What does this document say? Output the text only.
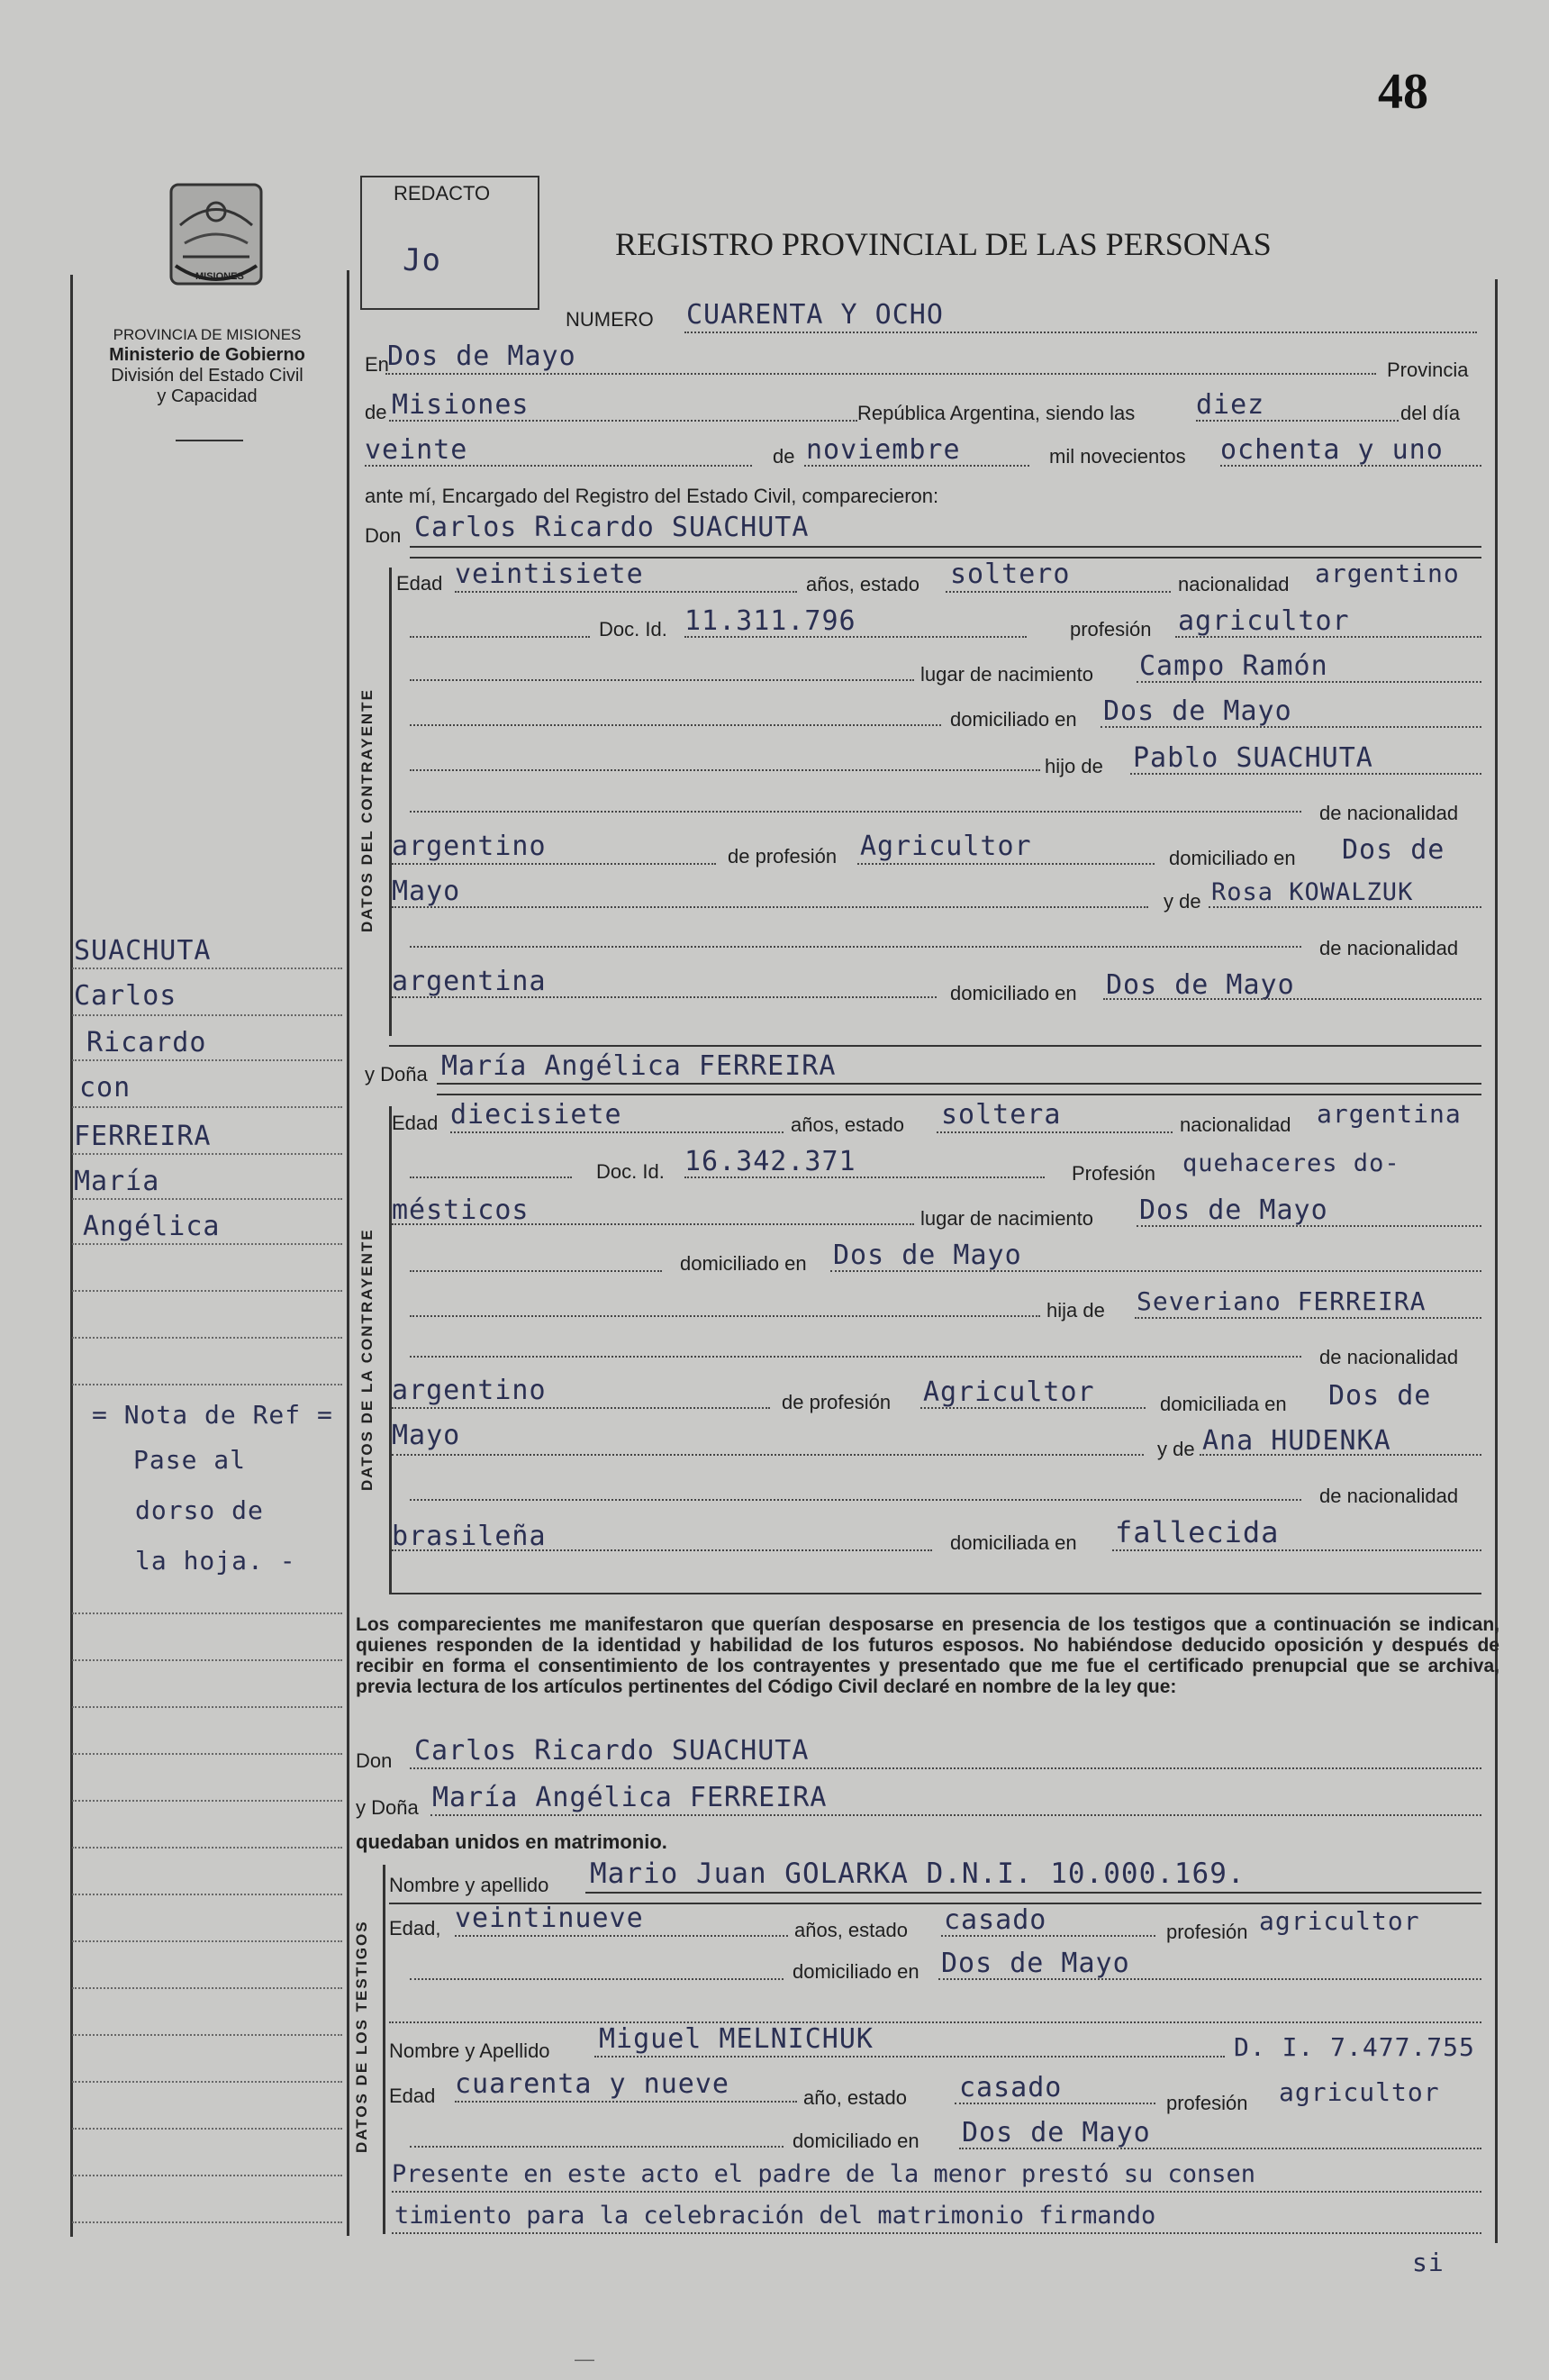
48
MISIONES
PROVINCIA DE MISIONES
Ministerio de Gobierno
División del Estado Civil
y Capacidad
REDACTO
Jo	REGISTRO PROVINCIAL DE LAS PERSONAS
NUMERO CUARENTA Y OCHO
En
Dos de Mayo	Provincia
de Misiones	República Argentina, siendo las diez	del día
veinte	de noviembre	mil novecientos ochenta y uno
ante mí, Encargado del Registro del Estado Civil, comparecieron:
Don Carlos Ricardo SUACHUTA
DATOS DEL CONTRAYENTE
Edad veintisiete	años, estado soltero	nacionalidad argentino
Doc. Id. 11.311.796	profesión agricultor
lugar de nacimiento Campo Ramón
domiciliado en Dos de Mayo
hijo de Pablo SUACHUTA
de nacionalidad
argentino	de profesión Agricultor	domiciliado en Dos de
Mayo	y de Rosa KOWALZUK
de nacionalidad
argentina	domiciliado en Dos de Mayo
y Doña María Angélica FERREIRA
DATOS DE LA CONTRAYENTE
Edad diecisiete	años, estado soltera	nacionalidad argentina
Doc. Id. 16.342.371	Profesión quehaceres do-
mésticos	lugar de nacimiento Dos de Mayo
domiciliado en Dos de Mayo
hija de Severiano FERREIRA
de nacionalidad
argentino	de profesión Agricultor	domiciliada en Dos de
Mayo	y de Ana HUDENKA
de nacionalidad
brasileña	domiciliada en fallecida
Los comparecientes me manifestaron que querían desposarse en presencia de los testigos que a continuación se indican, quienes responden de la identidad y habilidad de los futuros esposos. No habiéndose deducido oposición y después de recibir en forma el consentimiento de los contrayentes y presentado que me fue el certificado prenupcial que se archiva, previa lectura de los artículos pertinentes del Código Civil declaré en nombre de la ley que:
Don Carlos Ricardo SUACHUTA
y Doña María Angélica FERREIRA
quedaban unidos en matrimonio.
DATOS DE LOS TESTIGOS
Nombre y apellido Mario Juan GOLARKA D.N.I. 10.000.169.
Edad, veintinueve	años, estado casado	profesión agricultor
domiciliado en Dos de Mayo
Nombre y Apellido Miguel MELNICHUK	D. I. 7.477.755
Edad cuarenta y nueve	año, estado casado	profesión agricultor
domiciliado en Dos de Mayo
Presente en este acto el padre de la menor prestó su consen
timiento para la celebración del matrimonio firmando
si
SUACHUTA
Carlos
Ricardo
con
FERREIRA
María
Angélica
= Nota de Ref =
Pase al
dorso de
la hoja. -
—
